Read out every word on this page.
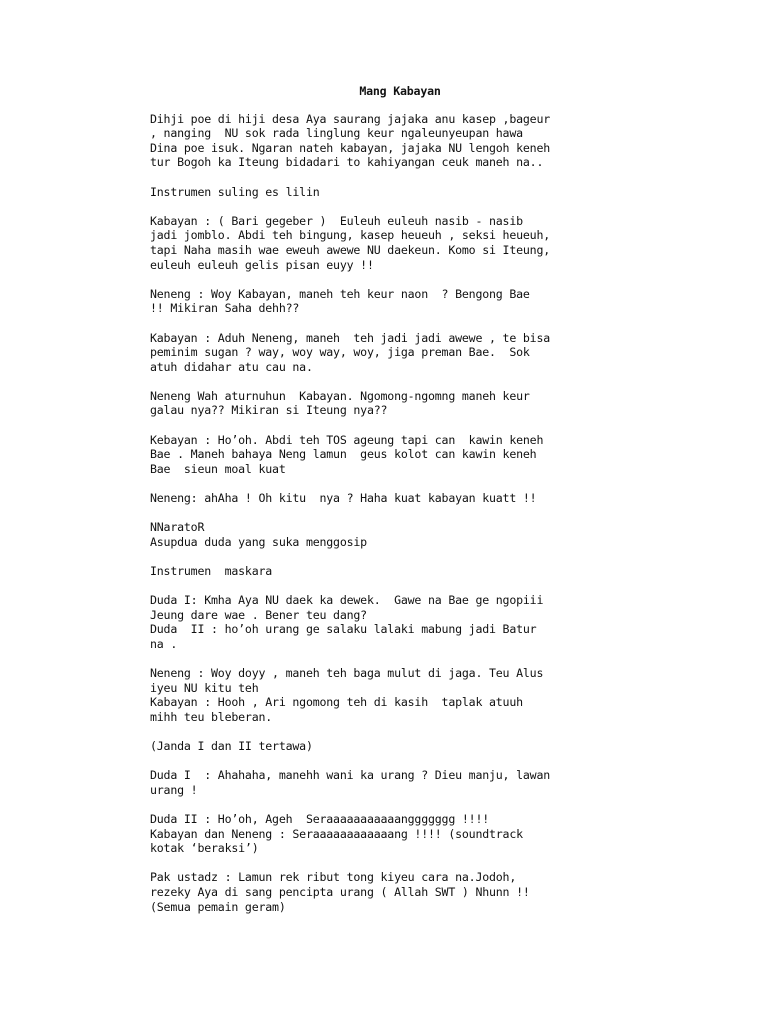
Mang Kabayan
Dihji poe di hiji desa Aya saurang jajaka anu kasep ,bageur
, nanging  NU sok rada linglung keur ngaleunyeupan hawa
Dina poe isuk. Ngaran nateh kabayan, jajaka NU lengoh keneh
tur Bogoh ka Iteung bidadari to kahiyangan ceuk maneh na..
Instrumen suling es lilin
Kabayan : ( Bari gegeber )  Euleuh euleuh nasib - nasib
jadi jomblo. Abdi teh bingung, kasep heueuh , seksi heueuh,
tapi Naha masih wae eweuh awewe NU daekeun. Komo si Iteung,
euleuh euleuh gelis pisan euyy !!
Neneng : Woy Kabayan, maneh teh keur naon  ? Bengong Bae
!! Mikiran Saha dehh??
Kabayan : Aduh Neneng, maneh  teh jadi jadi awewe , te bisa
peminim sugan ? way, woy way, woy, jiga preman Bae.  Sok
atuh didahar atu cau na.
Neneng Wah aturnuhun  Kabayan. Ngomong-ngomng maneh keur
galau nya?? Mikiran si Iteung nya??
Kebayan : Ho’oh. Abdi teh TOS ageung tapi can  kawin keneh
Bae . Maneh bahaya Neng lamun  geus kolot can kawin keneh
Bae  sieun moal kuat
Neneng: ahAha ! Oh kitu  nya ? Haha kuat kabayan kuatt !!
NNaratoR
Asupdua duda yang suka menggosip
Instrumen  maskara
Duda I: Kmha Aya NU daek ka dewek.  Gawe na Bae ge ngopiii
Jeung dare wae . Bener teu dang?
Duda  II : ho’oh urang ge salaku lalaki mabung jadi Batur
na .
Neneng : Woy doyy , maneh teh baga mulut di jaga. Teu Alus
iyeu NU kitu teh
Kabayan : Hooh , Ari ngomong teh di kasih  taplak atuuh
mihh teu bleberan.
(Janda I dan II tertawa)
Duda I  : Ahahaha, manehh wani ka urang ? Dieu manju, lawan
urang !
Duda II : Ho’oh, Ageh  Seraaaaaaaaaaanggggggg !!!!
Kabayan dan Neneng : Seraaaaaaaaaaaang !!!! (soundtrack
kotak ‘beraksi’)
Pak ustadz : Lamun rek ribut tong kiyeu cara na.Jodoh,
rezeky Aya di sang pencipta urang ( Allah SWT ) Nhunn !!
(Semua pemain geram)
